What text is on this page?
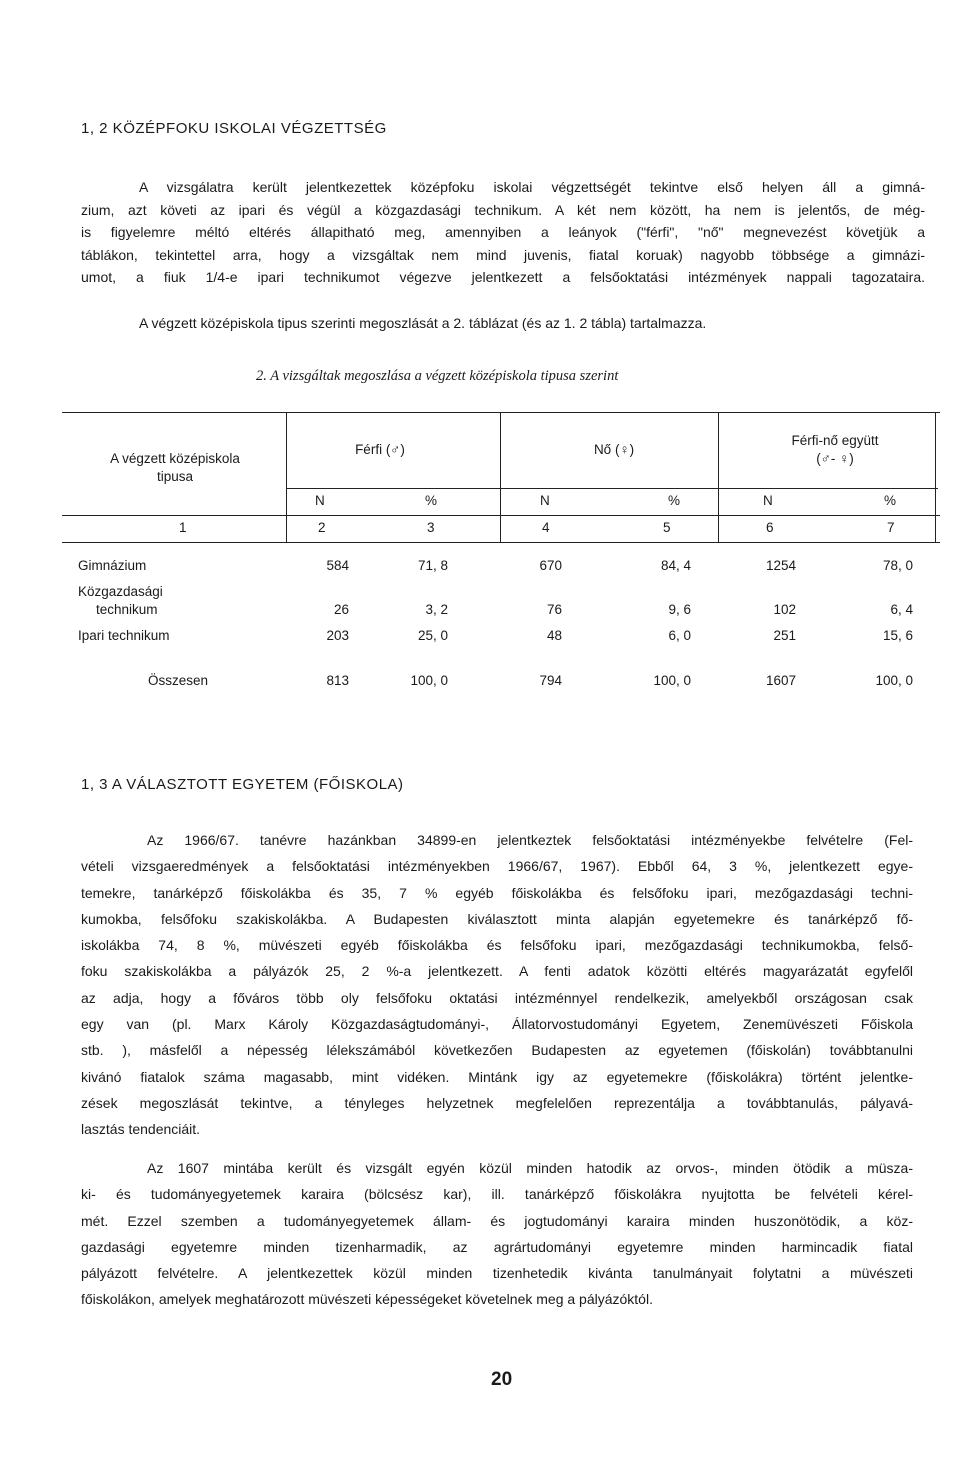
1, 2 KÖZÉPFOKU ISKOLAI VÉGZETTSÉG
A vizsgálatra került jelentkezettek középfoku iskolai végzettségét tekintve első helyen áll a gimná-
zium, azt követi az ipari és végül a közgazdasági technikum. A két nem között, ha nem is jelentős, de még-
is figyelemre méltó eltérés állapitható meg, amennyiben a leányok ("férfi", "nő" megnevezést követjük a
táblákon, tekintettel arra, hogy a vizsgáltak nem mind juvenis, fiatal koruak) nagyobb többsége a gimnázi-
umot, a fiuk 1/4-e ipari technikumot végezve jelentkezett a felsőoktatási intézmények nappali tagozataira.
A végzett középiskola tipus szerinti megoszlását a 2. táblázat (és az 1. 2 tábla) tartalmazza.
2. A vizsgáltak megoszlása a végzett középiskola tipusa szerint
A végzett középiskola
tipusa
Férfi (♂)	Nő (♀)
Férfi-nő együtt
(♂- ♀)
N	%	N	%	N	%
1	2	3	4	5	6	7
Gimnázium	584	71, 8	670	84, 4	1254	78, 0
Közgazdasági
technikum	26	3, 2	76	9, 6	102	6, 4
Ipari technikum	203	25, 0	48	6, 0	251	15, 6
Összesen	813	100, 0	794	100, 0	1607	100, 0
1, 3 A VÁLASZTOTT EGYETEM (FŐISKOLA)
Az 1966/67. tanévre hazánkban 34899-en jelentkeztek felsőoktatási intézményekbe felvételre (Fel-
vételi vizsgaeredmények a felsőoktatási intézményekben 1966/67, 1967). Ebből 64, 3 %, jelentkezett egye-
temekre, tanárképző főiskolákba és 35, 7 % egyéb főiskolákba és felsőfoku ipari, mezőgazdasági techni-
kumokba, felsőfoku szakiskolákba. A Budapesten kiválasztott minta alapján egyetemekre és tanárképző fő-
iskolákba 74, 8 %, müvészeti egyéb főiskolákba és felsőfoku ipari, mezőgazdasági technikumokba, felső-
foku szakiskolákba a pályázók 25, 2 %-a jelentkezett. A fenti adatok közötti eltérés magyarázatát egyfelől
az adja, hogy a főváros több oly felsőfoku oktatási intézménnyel rendelkezik, amelyekből országosan csak
egy van (pl. Marx Károly Közgazdaságtudományi-, Állatorvostudományi Egyetem, Zenemüvészeti Főiskola
stb. ), másfelől a népesség lélekszámából következően Budapesten az egyetemen (főiskolán) továbbtanulni
kivánó fiatalok száma magasabb, mint vidéken. Mintánk igy az egyetemekre (főiskolákra) történt jelentke-
zések megoszlását tekintve, a tényleges helyzetnek megfelelően reprezentálja a továbbtanulás, pályavá-
lasztás tendenciáit.
Az 1607 mintába került és vizsgált egyén közül minden hatodik az orvos-, minden ötödik a müsza-
ki- és tudományegyetemek karaira (bölcsész kar), ill. tanárképző főiskolákra nyujtotta be felvételi kérel-
mét. Ezzel szemben a tudományegyetemek állam- és jogtudományi karaira minden huszonötödik, a köz-
gazdasági egyetemre minden tizenharmadik, az agrártudományi egyetemre minden harmincadik fiatal
pályázott felvételre. A jelentkezettek közül minden tizenhetedik kivánta tanulmányait folytatni a müvészeti
főiskolákon, amelyek meghatározott müvészeti képességeket követelnek meg a pályázóktól.
20
